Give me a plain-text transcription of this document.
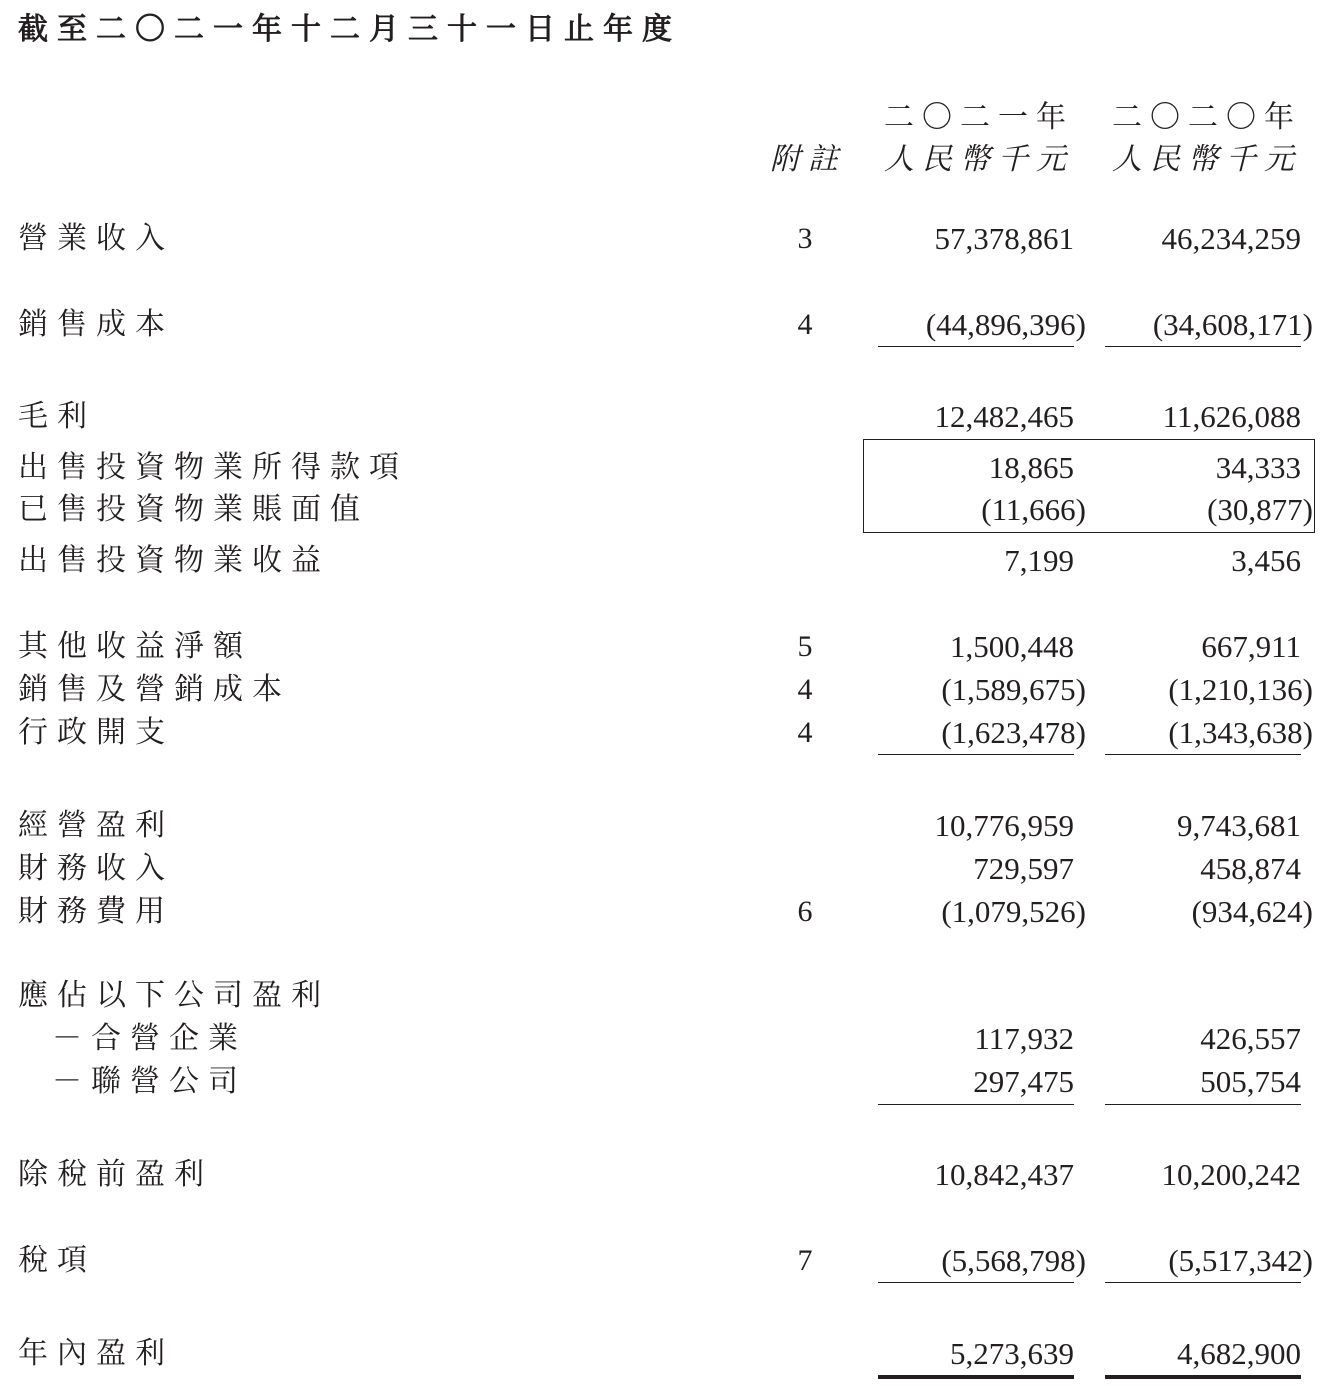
截至二〇二一年十二月三十一日止年度
二〇二一年 二〇二〇年
附註 人民幣千元 人民幣千元
營業收入	3	57,378,861	46,234,259
銷售成本	4	(44,896,396) (34,608,171)
毛利	12,482,465	11,626,088
出售投資物業所得款項	18,865	34,333
已售投資物業賬面值	(11,666)	(30,877)
出售投資物業收益	7,199	3,456
其他收益淨額	5	1,500,448	667,911
銷售及營銷成本	4	(1,589,675)	(1,210,136)
行政開支	4	(1,623,478)	(1,343,638)
經營盈利	10,776,959	9,743,681
財務收入	729,597	458,874
財務費用	6	(1,079,526)	(934,624)
應佔以下公司盈利
－合營企業	117,932	426,557
－聯營公司	297,475	505,754
除稅前盈利	10,842,437	10,200,242
稅項	7	(5,568,798)	(5,517,342)
年內盈利	5,273,639	4,682,900
